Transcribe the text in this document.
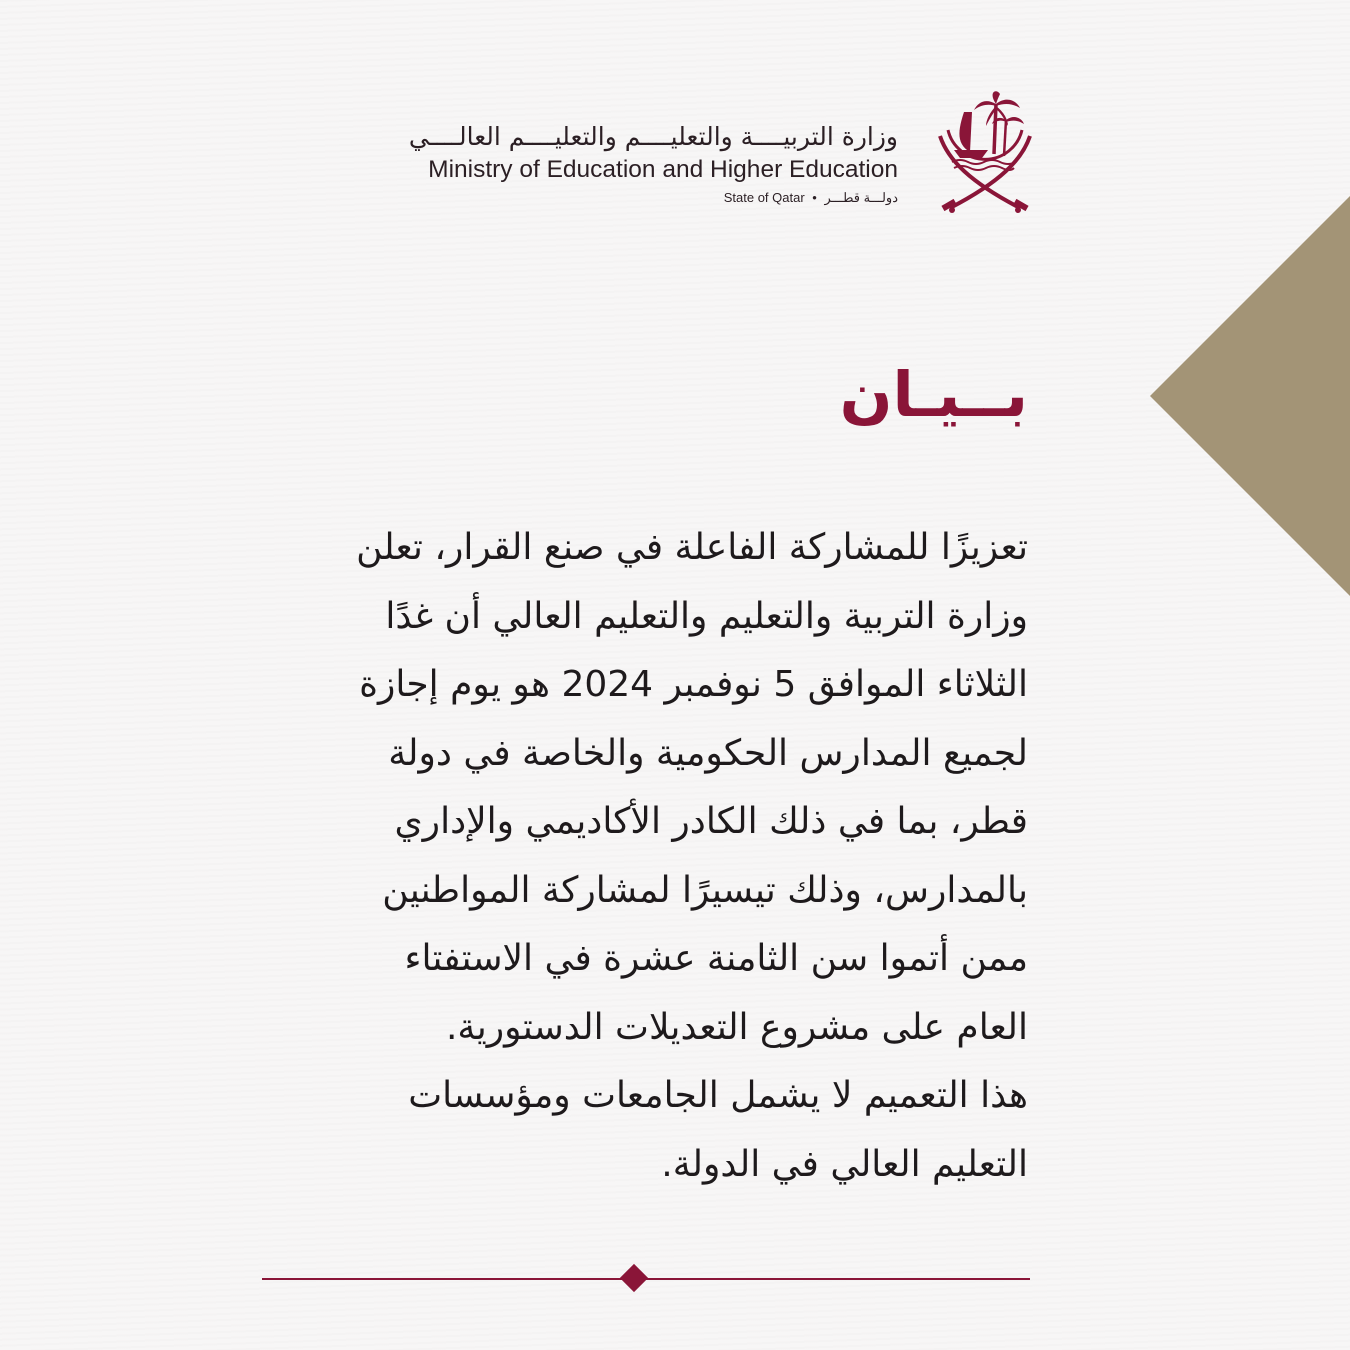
وزارة التربيــــة والتعليــــم والتعليــــم العالــــي
Ministry of Education and Higher Education
State of Qatar • دولـــة قطـــر
بــيـان
تعزيزًا للمشاركة الفاعلة في صنع القرار، تعلن
وزارة التربية والتعليم والتعليم العالي أن غدًا
الثلاثاء الموافق 5 نوفمبر 2024 هو يوم إجازة
لجميع المدارس الحكومية والخاصة في دولة
قطر، بما في ذلك الكادر الأكاديمي والإداري
بالمدارس، وذلك تيسيرًا لمشاركة المواطنين
ممن أتموا سن الثامنة عشرة في الاستفتاء
العام على مشروع التعديلات الدستورية.
هذا التعميم لا يشمل الجامعات ومؤسسات
التعليم العالي في الدولة.
